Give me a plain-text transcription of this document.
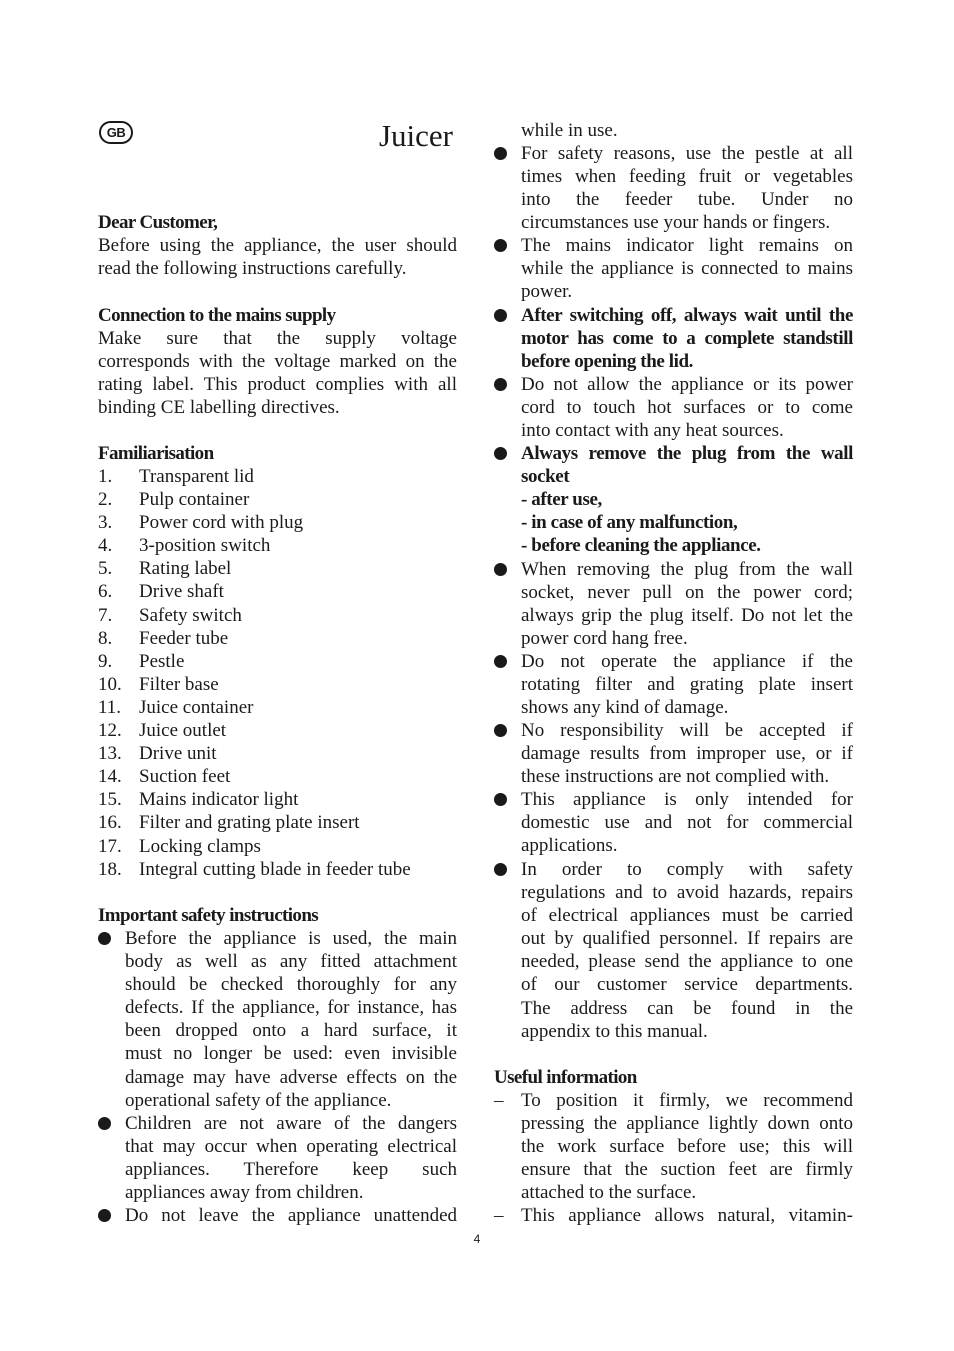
GB	Juicer
Dear Customer,
Before using the appliance, the user should
read the following instructions carefully.
Connection to the mains supply
Make sure that the supply voltage
corresponds with the voltage marked on the
rating label. This product complies with all
binding CE labelling directives.
Familiarisation
1. Transparent lid
2. Pulp container
3. Power cord with plug
4. 3-position switch
5. Rating label
6. Drive shaft
7. Safety switch
8. Feeder tube
9. Pestle
10. Filter base
11. Juice container
12. Juice outlet
13. Drive unit
14. Suction feet
15. Mains indicator light
16. Filter and grating plate insert
17. Locking clamps
18. Integral cutting blade in feeder tube
Important safety instructions
Before the appliance is used, the main
body as well as any fitted attachment
should be checked thoroughly for any
defects. If the appliance, for instance, has
been dropped onto a hard surface, it
must no longer be used: even invisible
damage may have adverse effects on the
operational safety of the appliance.
Children are not aware of the dangers
that may occur when operating electrical
appliances. Therefore keep such
appliances away from children.
Do not leave the appliance unattended
while in use.
For safety reasons, use the pestle at all
times when feeding fruit or vegetables
into the feeder tube. Under no
circumstances use your hands or fingers.
The mains indicator light remains on
while the appliance is connected to mains
power.
After switching off, always wait until the
motor has come to a complete standstill
before opening the lid.
Do not allow the appliance or its power
cord to touch hot surfaces or to come
into contact with any heat sources.
Always remove the plug from the wall
socket
- after use,
- in case of any malfunction,
- before cleaning the appliance.
When removing the plug from the wall
socket, never pull on the power cord;
always grip the plug itself. Do not let the
power cord hang free.
Do not operate the appliance if the
rotating filter and grating plate insert
shows any kind of damage.
No responsibility will be accepted if
damage results from improper use, or if
these instructions are not complied with.
This appliance is only intended for
domestic use and not for commercial
applications.
In order to comply with safety
regulations and to avoid hazards, repairs
of electrical appliances must be carried
out by qualified personnel. If repairs are
needed, please send the appliance to one
of our customer service departments.
The address can be found in the
appendix to this manual.
Useful information
– To position it firmly, we recommend
pressing the appliance lightly down onto
the work surface before use; this will
ensure that the suction feet are firmly
attached to the surface.
– This appliance allows natural, vitamin-
4
